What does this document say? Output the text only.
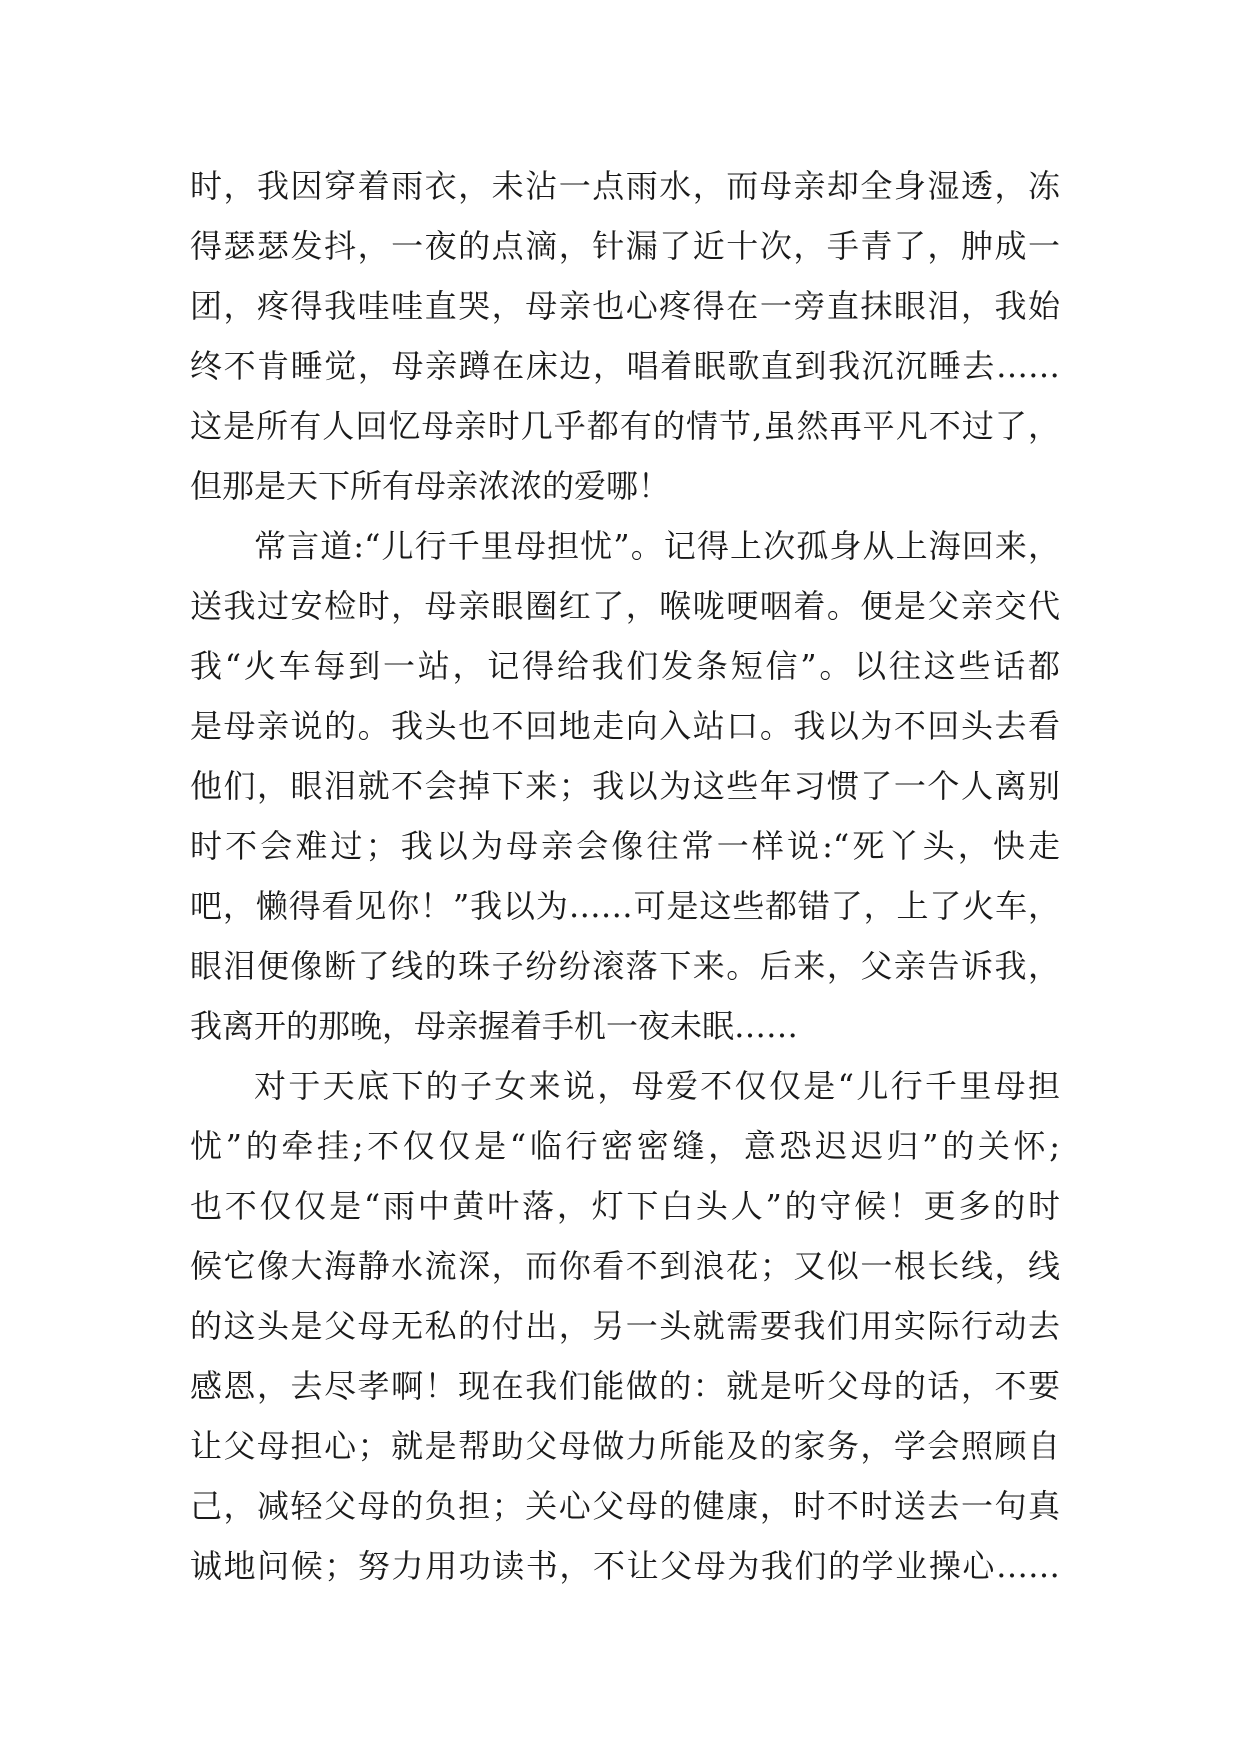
时，我因穿着雨衣，未沾一点雨水，而母亲却全身湿透，冻
得瑟瑟发抖，一夜的点滴，针漏了近十次，手青了，肿成一
团，疼得我哇哇直哭，母亲也心疼得在一旁直抹眼泪，我始
终不肯睡觉，母亲蹲在床边，唱着眠歌直到我沉沉睡去……
这是所有人回忆母亲时几乎都有的情节,虽然再平凡不过了，
但那是天下所有母亲浓浓的爱哪！
常言道:“儿行千里母担忧”。记得上次孤身从上海回来，
送我过安检时，母亲眼圈红了，喉咙哽咽着。便是父亲交代
我“火车每到一站，记得给我们发条短信”。以往这些话都
是母亲说的。我头也不回地走向入站口。我以为不回头去看
他们，眼泪就不会掉下来；我以为这些年习惯了一个人离别
时不会难过；我以为母亲会像往常一样说:“死丫头，快走
吧，懒得看见你！”我以为……可是这些都错了，上了火车，
眼泪便像断了线的珠子纷纷滚落下来。后来，父亲告诉我，
我离开的那晚，母亲握着手机一夜未眠……
对于天底下的子女来说，母爱不仅仅是“儿行千里母担
忧”的牵挂;不仅仅是“临行密密缝，意恐迟迟归”的关怀;
也不仅仅是“雨中黄叶落，灯下白头人”的守候！更多的时
候它像大海静水流深，而你看不到浪花；又似一根长线，线
的这头是父母无私的付出，另一头就需要我们用实际行动去
感恩，去尽孝啊！现在我们能做的：就是听父母的话，不要
让父母担心；就是帮助父母做力所能及的家务，学会照顾自
己，减轻父母的负担；关心父母的健康，时不时送去一句真
诚地问候；努力用功读书，不让父母为我们的学业操心……
